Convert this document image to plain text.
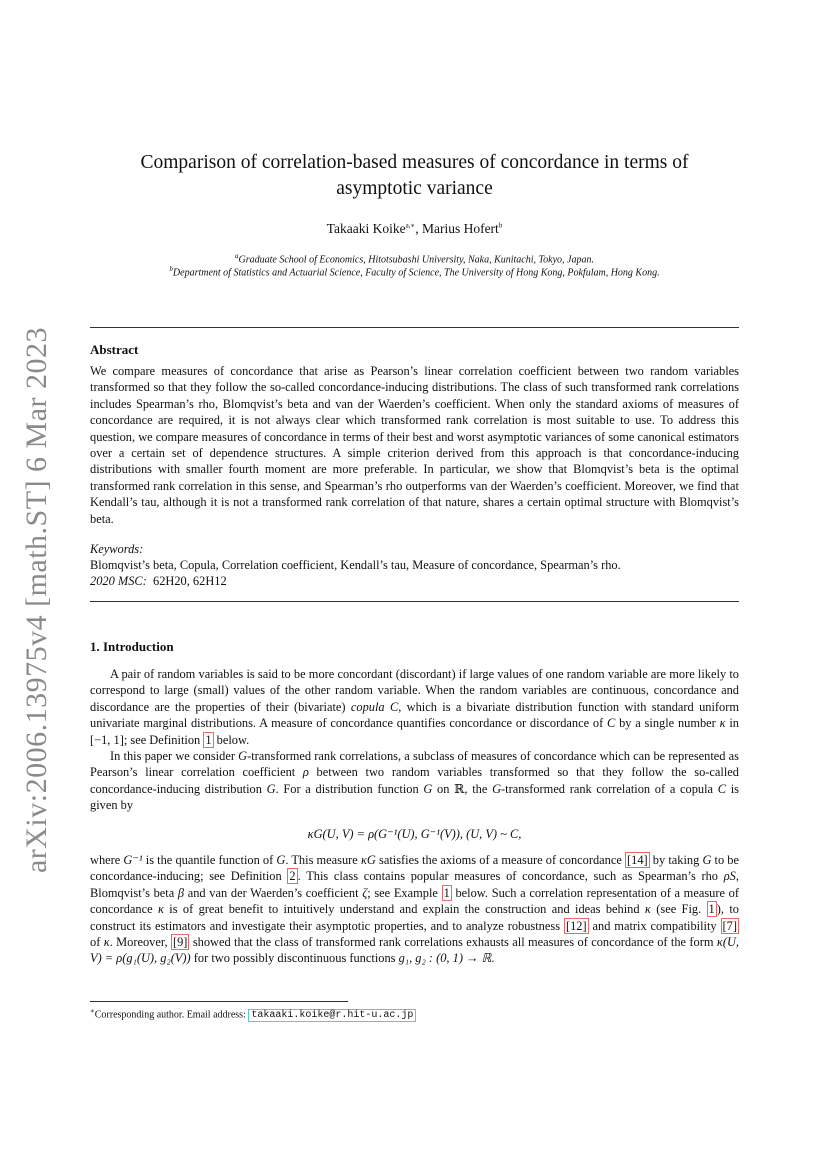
arXiv:2006.13975v4 [math.ST] 6 Mar 2023
Comparison of correlation-based measures of concordance in terms of
asymptotic variance
Takaaki Koike$^{a,∗}$, Marius Hofert$^b$
$^a$Graduate School of Economics, Hitotsubashi University, Naka, Kunitachi, Tokyo, Japan.
$^b$Department of Statistics and Actuarial Science, Faculty of Science, The University of Hong Kong, Pokfulam, Hong Kong.
Abstract
We compare measures of concordance that arise as Pearson’s linear correlation coefficient between two random variables transformed so that they follow the so-called concordance-inducing distributions. The class of such transformed rank correlations includes Spearman’s rho, Blomqvist’s beta and van der Waerden’s coefficient. When only the standard axioms of measures of concordance are required, it is not always clear which transformed rank correlation is most suitable to use. To address this question, we compare measures of concordance in terms of their best and worst asymptotic variances of some canonical estimators over a certain set of dependence structures. A simple criterion derived from this approach is that concordance-inducing distributions with smaller fourth moment are more preferable. In particular, we show that Blomqvist’s beta is the optimal transformed rank correlation in this sense, and Spearman’s rho outperforms van der Waerden’s coefficient. Moreover, we find that Kendall’s tau, although it is not a transformed rank correlation of that nature, shares a certain optimal structure with Blomqvist’s beta.
Keywords:
Blomqvist’s beta, Copula, Correlation coefficient, Kendall’s tau, Measure of concordance, Spearman’s rho.
2020 MSC: 62H20, 62H12
1. Introduction
A pair of random variables is said to be more concordant (discordant) if large values of one random variable are more likely to correspond to large (small) values of the other random variable. When the random variables are continuous, concordance and discordance are the properties of their (bivariate) copula C, which is a bivariate distribution function with standard uniform univariate marginal distributions. A measure of concordance quantifies concordance or discordance of C by a single number κ in [−1, 1]; see Definition 1 below.
In this paper we consider G-transformed rank correlations, a subclass of measures of concordance which can be represented as Pearson’s linear correlation coefficient ρ between two random variables transformed so that they follow the so-called concordance-inducing distribution G. For a distribution function G on ℝ, the G-transformed rank correlation of a copula C is given by
κG(U, V) = ρ(G⁻¹(U), G⁻¹(V)), (U, V) ~ C,
where G⁻¹ is the quantile function of G. This measure κG satisfies the axioms of a measure of concordance [14] by taking G to be concordance-inducing; see Definition 2 . This class contains popular measures of concordance, such as Spearman’s rho ρS, Blomqvist’s beta β and van der Waerden’s coefficient ζ; see Example 1 below. Such a correlation representation of a measure of concordance κ is of great benefit to intuitively understand and explain the construction and ideas behind κ (see Fig. 1 ), to construct its estimators and investigate their asymptotic properties, and to analyze robustness [12] and matrix compatibility [7] of κ. Moreover, [9] showed that the class of transformed rank correlations exhausts all measures of concordance of the form κ(U, V) = ρ(g₁(U), g₂(V)) for two possibly discontinuous functions g₁, g₂ : (0, 1) → ℝ.
∗Corresponding author. Email address: takaaki.koike@r.hit-u.ac.jp
